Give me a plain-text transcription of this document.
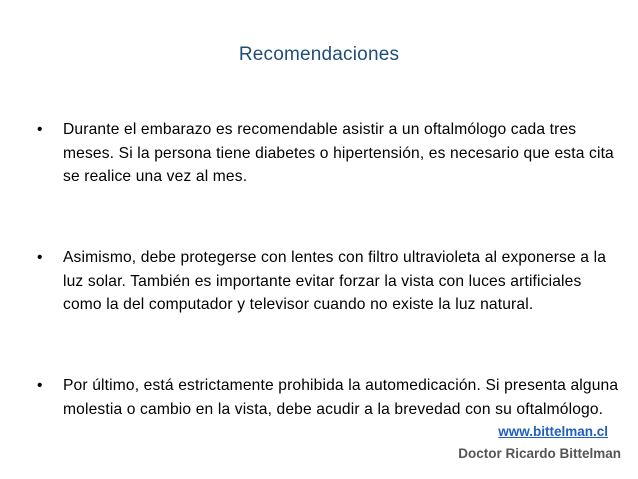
Recomendaciones
•	Durante el embarazo es recomendable asistir a un oftalmólogo cada tres meses. Si la persona tiene diabetes o hipertensión, es necesario que esta cita se realice una vez al mes.
•	Asimismo, debe protegerse con lentes con filtro ultravioleta al exponerse a la luz solar. También es importante evitar forzar la vista con luces artificiales como la del computador y televisor cuando no existe la luz natural.
•	Por último, está estrictamente prohibida la automedicación. Si presenta alguna molestia o cambio en la vista, debe acudir a la brevedad con su oftalmólogo.
www.bittelman.cl
Doctor Ricardo Bittelman
